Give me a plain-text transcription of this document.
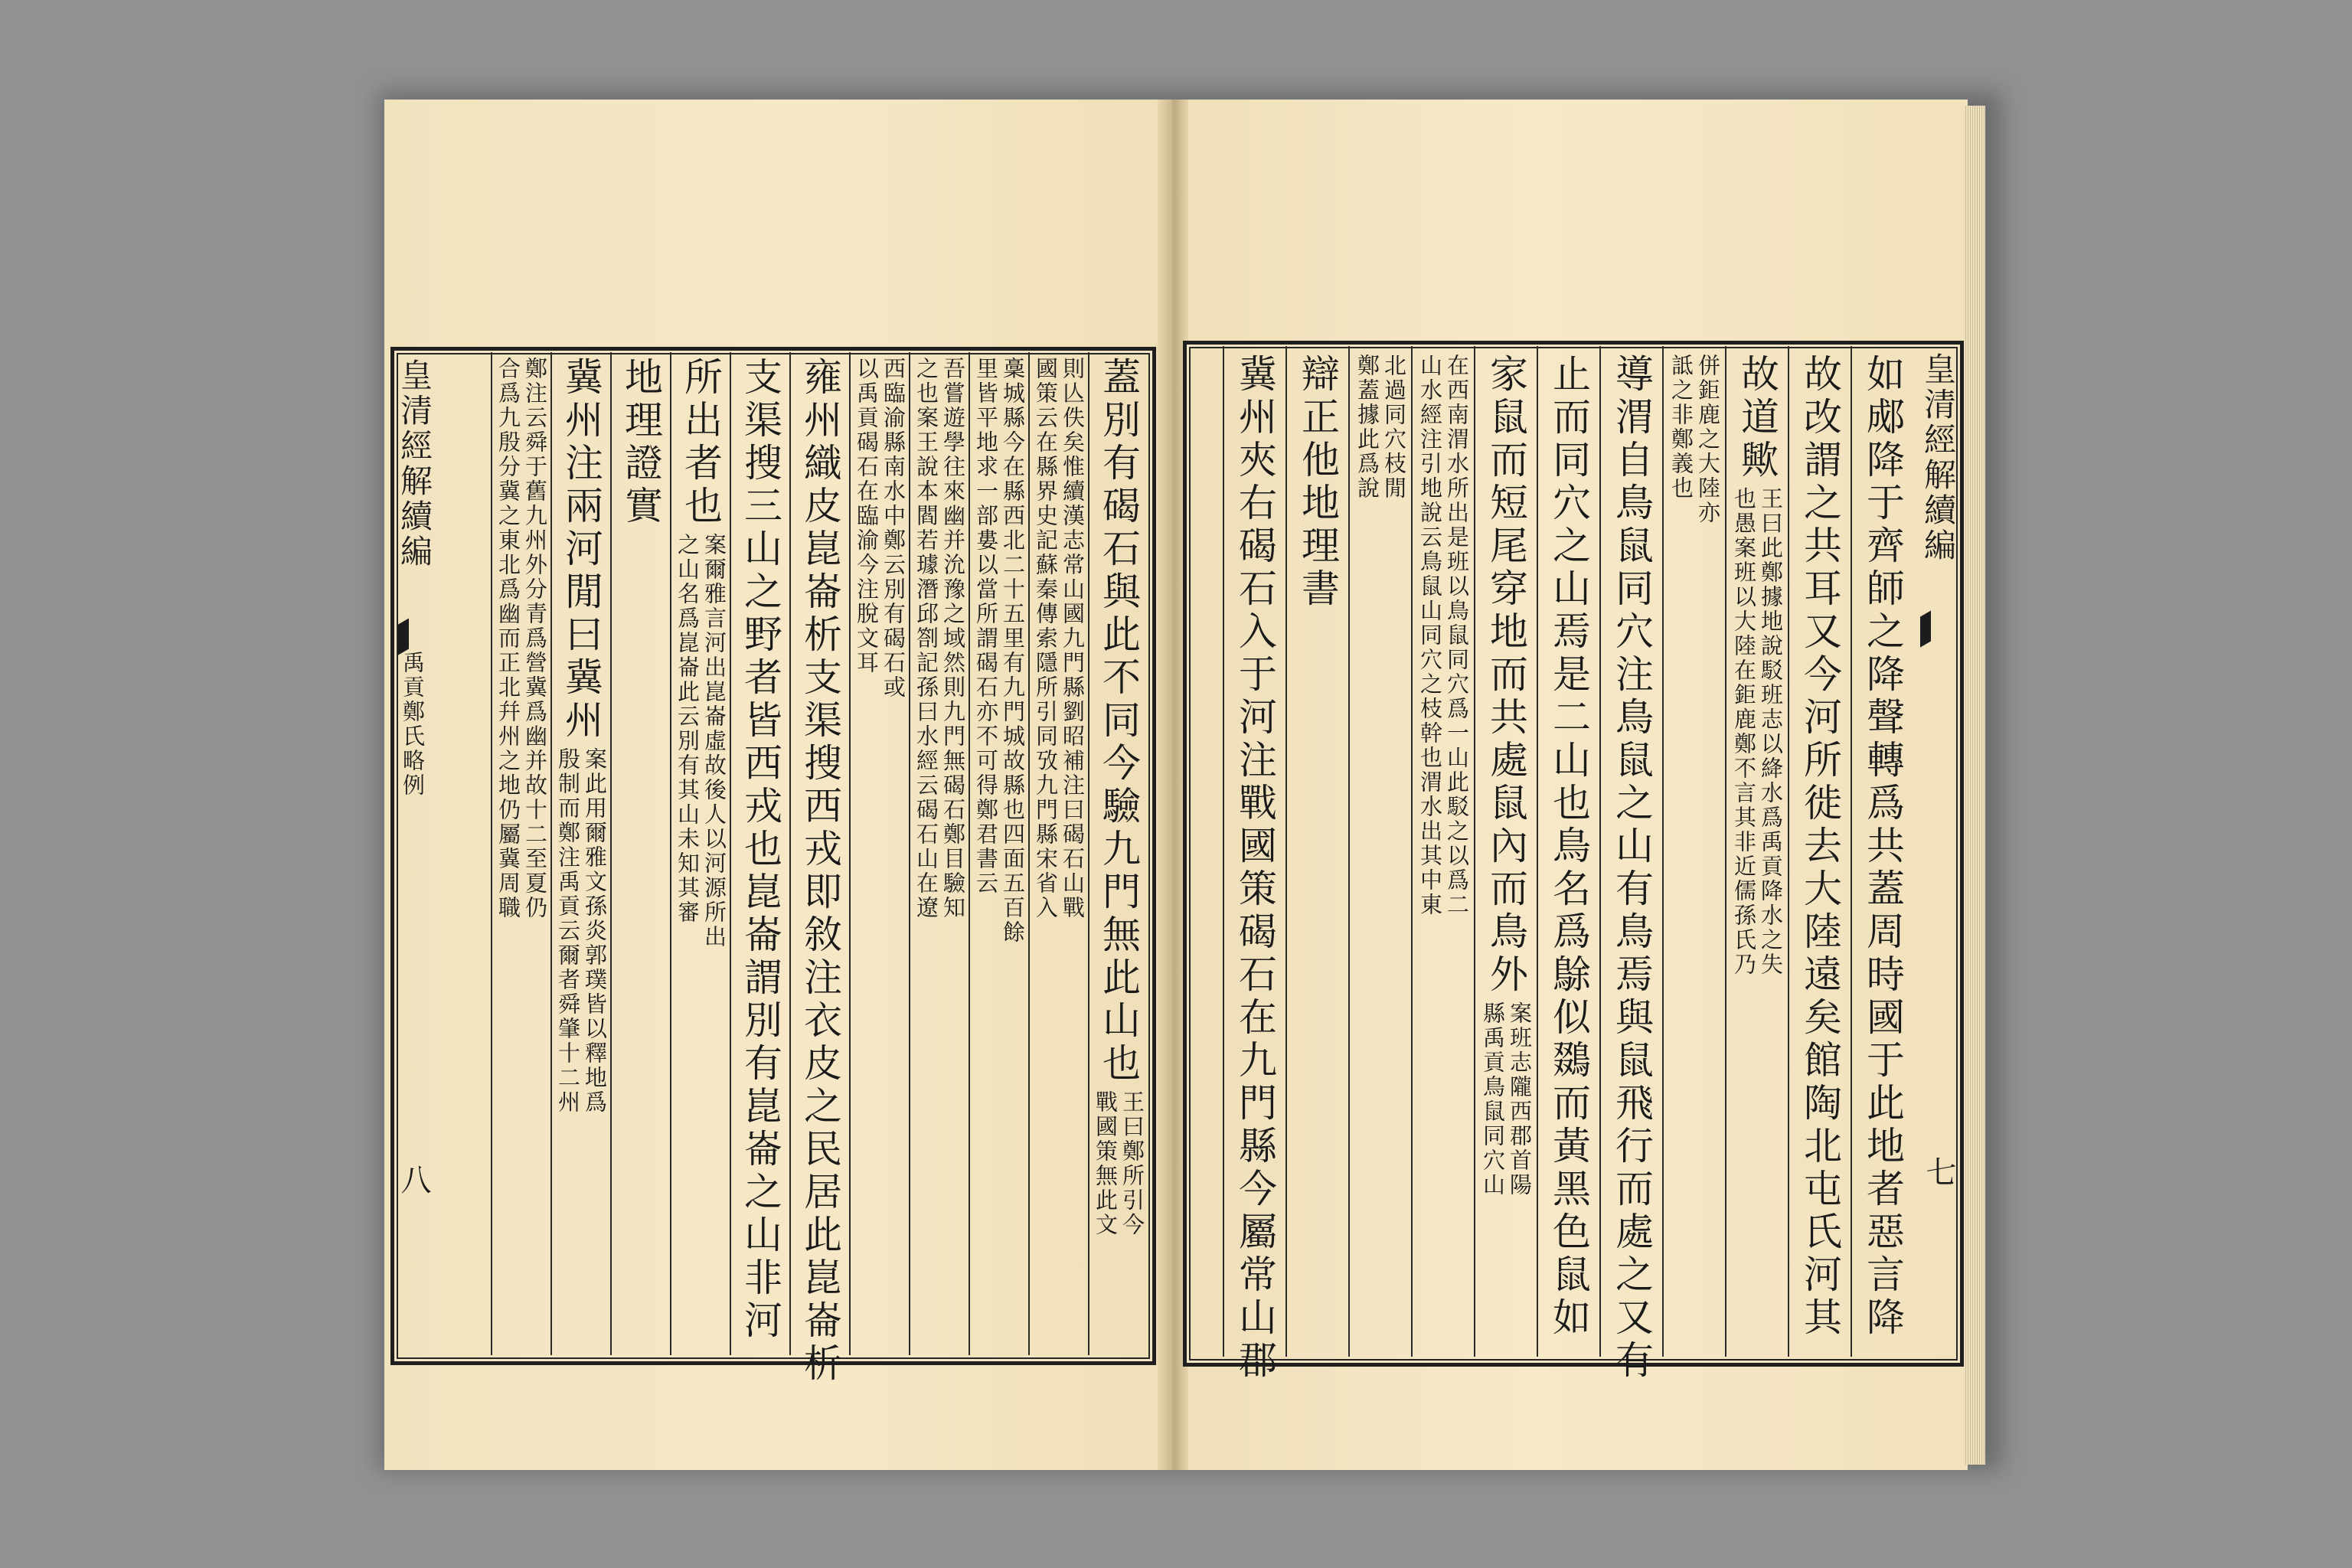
蓋別有碣石與此不同今驗九門無此山也
王曰鄭所引今
戰國策無此文
則亾佚矣惟續漢志常山國九門縣劉昭補注曰碣石山戰
國策云在縣界史記蘇秦傳索隱所引同攷九門縣宋省入
稾城縣今在縣西北二十五里有九門城故縣也四面五百餘
里皆平地求一部婁以當所謂碣石亦不可得鄭君書云
吾嘗遊學往來幽并沇豫之域然則九門無碣石鄭目驗知
之也案王說本閻若璩潛邱劄記孫曰水經云碣石山在遼
西臨渝縣南水中鄭云別有碣石或
以禹貢碣石在臨渝今注脫文耳
雍州織皮崑崙析支渠搜西戎即敘注衣皮之民居此崑崙析
支渠搜三山之野者皆西戎也崑崙謂別有崑崙之山非河
所出者也
案爾雅言河出崑崙虛故後人以河源所出
之山名爲崑崙此云別有其山未知其審
地理證實
冀州注兩河閒曰冀州
案此用爾雅文孫炎郭璞皆以釋地爲
殷制而鄭注禹貢云爾者舜肇十二州
鄭注云舜于舊九州外分青爲營冀爲幽并故十二至夏仍
合爲九殷分冀之東北爲幽而正北幷州之地仍屬冀周職	如郕降于齊師之降聲轉爲共蓋周時國于此地者惡言降
故改謂之共耳又今河所徙去大陸遠矣館陶北屯氏河其
故道歟
王曰此鄭據地說駁班志以絳水爲禹貢降水之失
也愚案班以大陸在鉅鹿鄭不言其非近儒孫氏乃
併鉅鹿之大陸亦
詆之非鄭義也
導渭自鳥鼠同穴注鳥鼠之山有鳥焉與鼠飛行而處之又有
止而同穴之山焉是二山也鳥名爲鵌似鵽而黃黑色鼠如
家鼠而短尾穿地而共處鼠內而鳥外
案班志隴西郡首陽
縣禹貢鳥鼠同穴山
在西南渭水所出是班以鳥鼠同穴爲一山此駁之以爲二
山水經注引地說云鳥鼠山同穴之枝幹也渭水出其中東
北過同穴枝閒
鄭蓋據此爲說
辯正他地理書
冀州夾右碣石入于河注戰國策碣石在九門縣今屬常山郡
皇清經解續編
禹貢鄭氏略例
八
皇清經解續編
七
